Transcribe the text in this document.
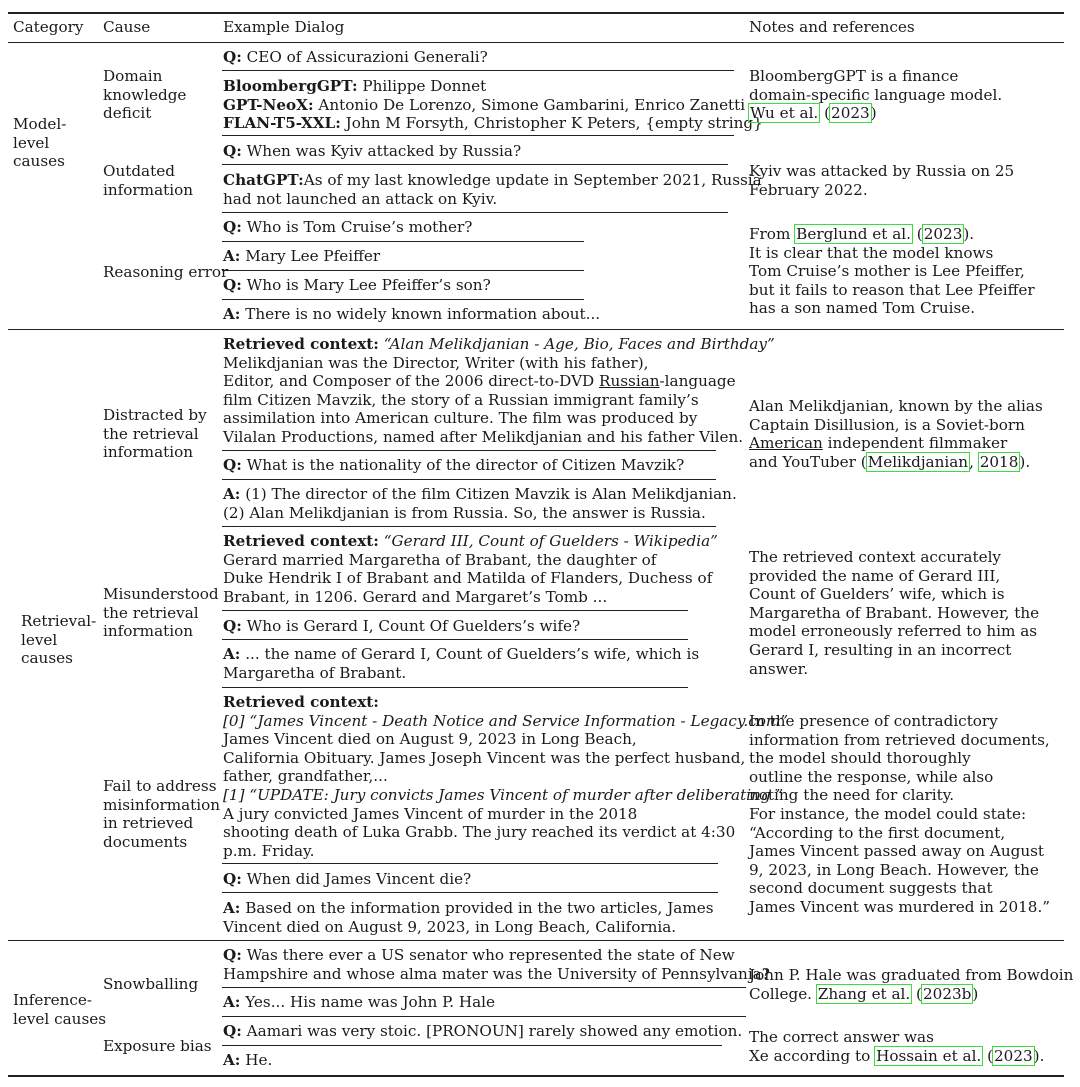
Category Cause	Example Dialog	Notes and references
Model-
level
causes
Domain
knowledge
deficit
Q: CEO of Assicurazioni Generali?
BloombergGPT: Philippe Donnet
GPT-NeoX: Antonio De Lorenzo, Simone Gambarini, Enrico Zanetti
FLAN-T5-XXL: John M Forsyth, Christopher K Peters, {empty string}
BloombergGPT is a finance
domain-specific language model.
Wu et al. (2023)
Outdated
information
Q: When was Kyiv attacked by Russia?
ChatGPT:As of my last knowledge update in September 2021, Russia
had not launched an attack on Kyiv.
Kyiv was attacked by Russia on 25
February 2022.
Reasoning error
Q: Who is Tom Cruise’s mother?
A: Mary Lee Pfeiffer
Q: Who is Mary Lee Pfeiffer’s son?
A: There is no widely known information about...
From Berglund et al. (2023).
It is clear that the model knows
Tom Cruise’s mother is Lee Pfeiffer,
but it fails to reason that Lee Pfeiffer
has a son named Tom Cruise.
Retrieval-
level
causes
Distracted by
the retrieval
information
Retrieved context: “Alan Melikdjanian - Age, Bio, Faces and Birthday”
Melikdjanian was the Director, Writer (with his father),
Editor, and Composer of the 2006 direct-to-DVD Russian-language
film Citizen Mavzik, the story of a Russian immigrant family’s
assimilation into American culture. The film was produced by
Vilalan Productions, named after Melikdjanian and his father Vilen.
Q: What is the nationality of the director of Citizen Mavzik?
A: (1) The director of the film Citizen Mavzik is Alan Melikdjanian.
(2) Alan Melikdjanian is from Russia. So, the answer is Russia.
Alan Melikdjanian, known by the alias
Captain Disillusion, is a Soviet-born
American independent filmmaker
and YouTuber (Melikdjanian, 2018).
Misunderstood
the retrieval
information
Retrieved context: “Gerard III, Count of Guelders - Wikipedia”
Gerard married Margaretha of Brabant, the daughter of
Duke Hendrik I of Brabant and Matilda of Flanders, Duchess of
Brabant, in 1206. Gerard and Margaret’s Tomb ...
Q: Who is Gerard I, Count Of Guelders’s wife?
A: ... the name of Gerard I, Count of Guelders’s wife, which is
Margaretha of Brabant.
The retrieved context accurately
provided the name of Gerard III,
Count of Guelders’ wife, which is
Margaretha of Brabant. However, the
model erroneously referred to him as
Gerard I, resulting in an incorrect
answer.
Fail to address
misinformation
in retrieved
documents
Retrieved context:
[0] “James Vincent - Death Notice and Service Information - Legacy.com”
James Vincent died on August 9, 2023 in Long Beach,
California Obituary. James Joseph Vincent was the perfect husband,
father, grandfather,...
[1] “UPDATE: Jury convicts James Vincent of murder after deliberating ”
A jury convicted James Vincent of murder in the 2018
shooting death of Luka Grabb. The jury reached its verdict at 4:30
p.m. Friday.
Q: When did James Vincent die?
A: Based on the information provided in the two articles, James
Vincent died on August 9, 2023, in Long Beach, California.
In the presence of contradictory
information from retrieved documents,
the model should thoroughly
outline the response, while also
noting the need for clarity.
For instance, the model could state:
“According to the first document,
James Vincent passed away on August
9, 2023, in Long Beach. However, the
second document suggests that
James Vincent was murdered in 2018.”
Inference-
level causes
Snowballing
Q: Was there ever a US senator who represented the state of New
Hampshire and whose alma mater was the University of Pennsylvania?
A: Yes... His name was John P. Hale
John P. Hale was graduated from Bowdoin
College. Zhang et al. (2023b)
Exposure bias
Q: Aamari was very stoic. [PRONOUN] rarely showed any emotion.
A: He.
The correct answer was
Xe according to Hossain et al. (2023).
